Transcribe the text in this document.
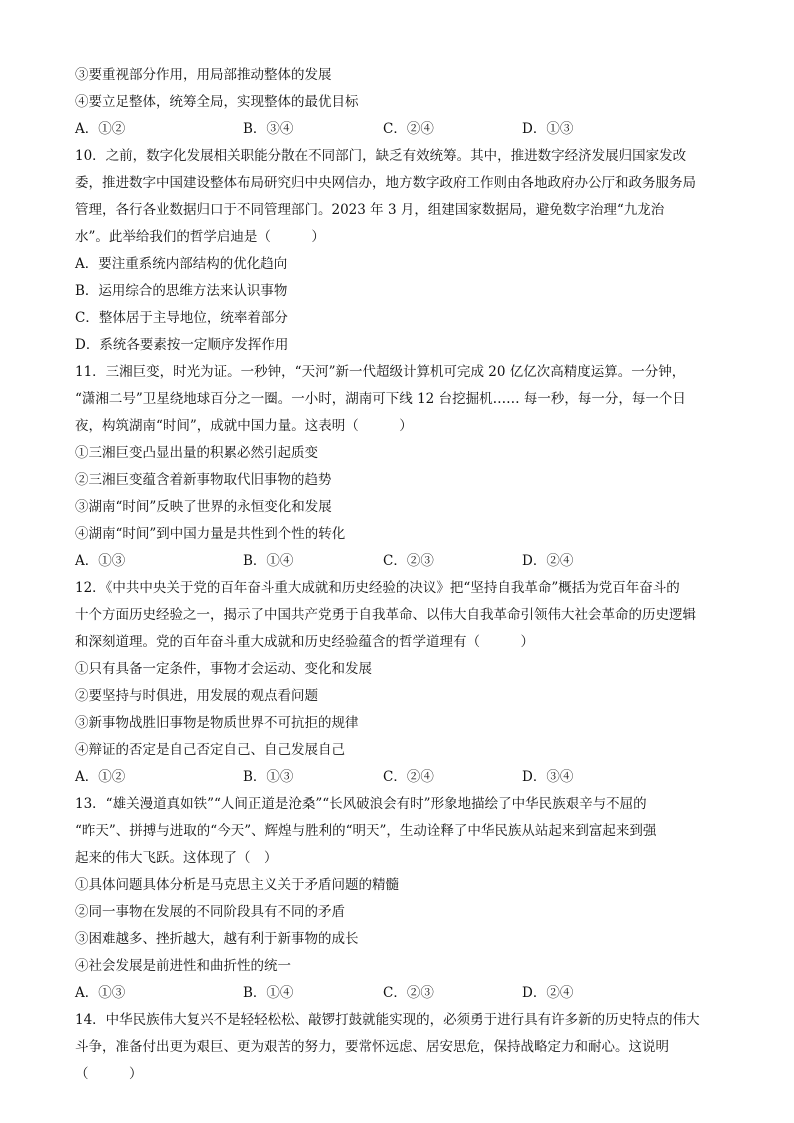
③要重视部分作用，用局部推动整体的发展
④要立足整体，统筹全局，实现整体的最优目标
A．①②	B．③④	C．②④	D．①③
10．之前，数字化发展相关职能分散在不同部门，缺乏有效统筹。其中，推进数字经济发展归国家发改
委，推进数字中国建设整体布局研究归中央网信办，地方数字政府工作则由各地政府办公厅和政务服务局
管理，各行各业数据归口于不同管理部门。2023 年 3 月，组建国家数据局，避免数字治理“九龙治
水”。此举给我们的哲学启迪是（　　　）
A．要注重系统内部结构的优化趋向
B．运用综合的思维方法来认识事物
C．整体居于主导地位，统率着部分
D．系统各要素按一定顺序发挥作用
11．三湘巨变，时光为证。一秒钟，“天河”新一代超级计算机可完成 20 亿亿次高精度运算。一分钟，
“潇湘二号”卫星绕地球百分之一圈。一小时，湖南可下线 12 台挖掘机…… 每一秒，每一分，每一个日
夜，构筑湖南“时间”，成就中国力量。这表明（　　　）
①三湘巨变凸显出量的积累必然引起质变
②三湘巨变蕴含着新事物取代旧事物的趋势
③湖南“时间”反映了世界的永恒变化和发展
④湖南“时间”到中国力量是共性到个性的转化
A．①③	B．①④	C．②③	D．②④
12．《中共中央关于党的百年奋斗重大成就和历史经验的决议》把“坚持自我革命”概括为党百年奋斗的
十个方面历史经验之一，揭示了中国共产党勇于自我革命、以伟大自我革命引领伟大社会革命的历史逻辑
和深刻道理。党的百年奋斗重大成就和历史经验蕴含的哲学道理有（　　　）
①只有具备一定条件，事物才会运动、变化和发展
②要坚持与时俱进，用发展的观点看问题
③新事物战胜旧事物是物质世界不可抗拒的规律
④辩证的否定是自己否定自己、自己发展自己
A．①②	B．①③	C．②④	D．③④
13．“雄关漫道真如铁”“人间正道是沧桑”“长风破浪会有时”形象地描绘了中华民族艰辛与不屈的
“昨天”、拼搏与进取的“今天”、辉煌与胜利的“明天”，生动诠释了中华民族从站起来到富起来到强
起来的伟大飞跃。这体现了（　）
①具体问题具体分析是马克思主义关于矛盾问题的精髓
②同一事物在发展的不同阶段具有不同的矛盾
③困难越多、挫折越大，越有利于新事物的成长
④社会发展是前进性和曲折性的统一
A．①③	B．①④	C．②③	D．②④
14．中华民族伟大复兴不是轻轻松松、敲锣打鼓就能实现的，必须勇于进行具有许多新的历史特点的伟大
斗争，准备付出更为艰巨、更为艰苦的努力，要常怀远虑、居安思危，保持战略定力和耐心。这说明
（　　　）
